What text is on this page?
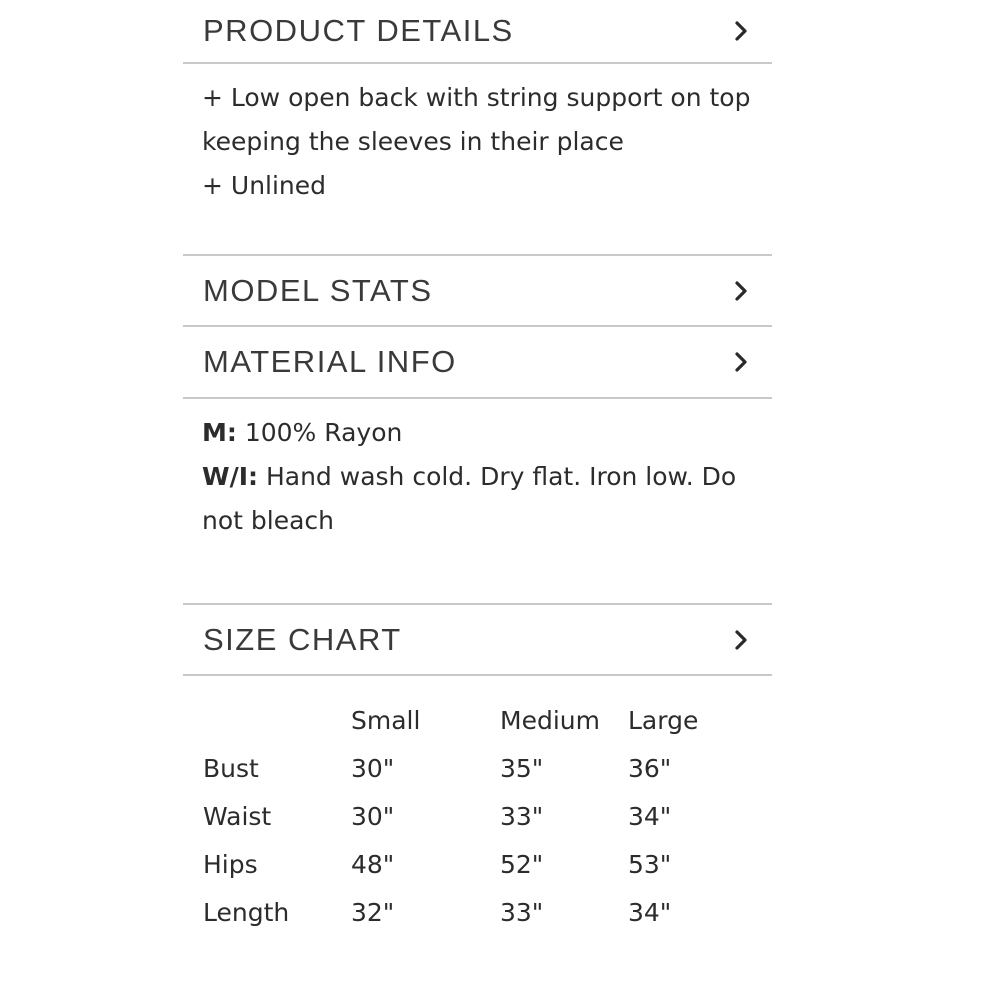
PRODUCT DETAILS
+ Low open back with string support on top
keeping the sleeves in their place
+ Unlined
MODEL STATS
MATERIAL INFO
M: 100% Rayon
W/I: Hand wash cold. Dry flat. Iron low. Do not bleach
SIZE CHART
	Small	Medium	Large
Bust	30"	35"	36"
Waist	30"	33"	34"
Hips	48"	52"	53"
Length	32"	33"	34"
